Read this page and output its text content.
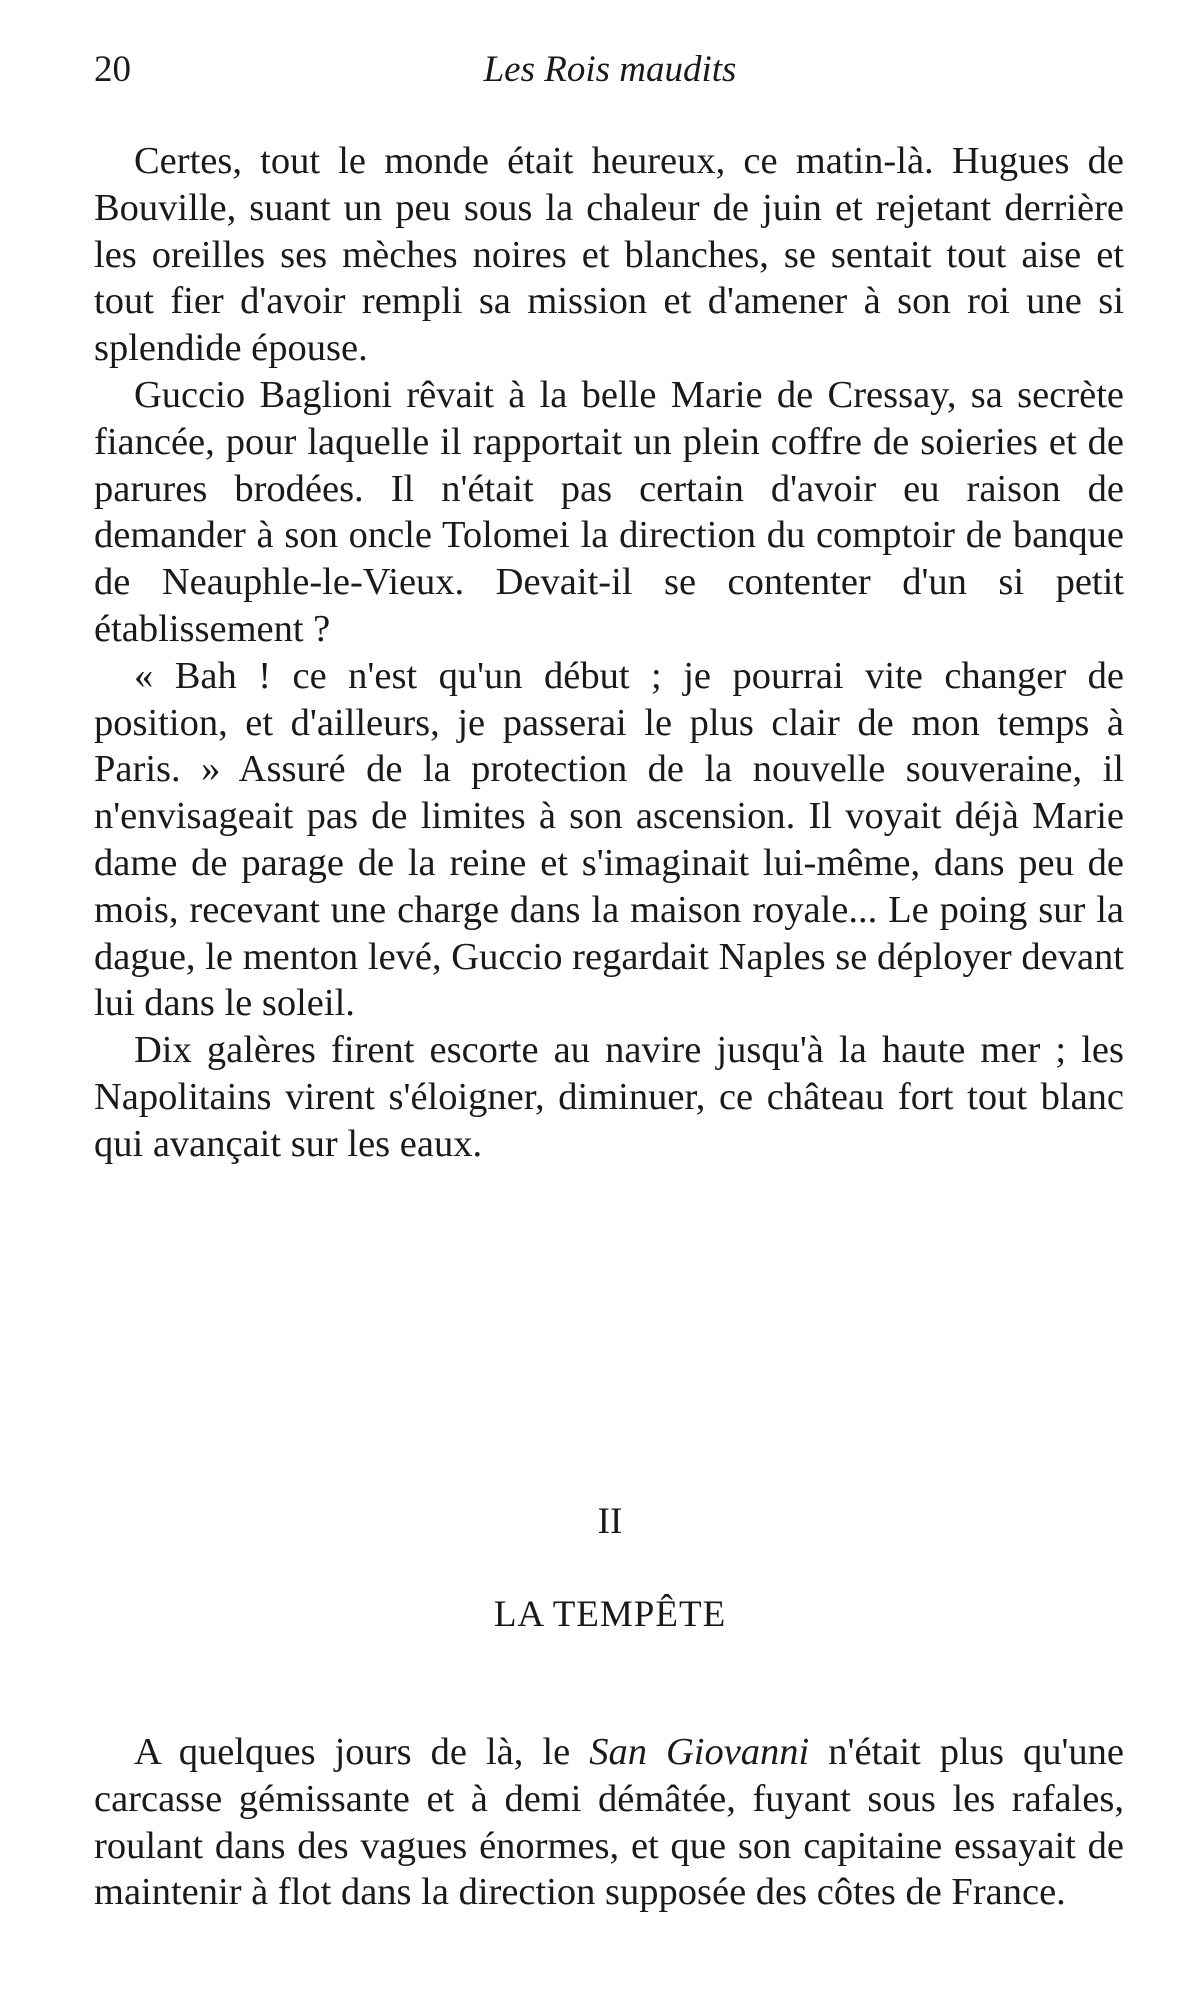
20	Les Rois maudits

Certes, tout le monde était heureux, ce matin-là. Hugues de Bouville, suant un peu sous la chaleur de juin et rejetant derrière les oreilles ses mèches noires et blanches, se sentait tout aise et tout fier d'avoir rempli sa mission et d'amener à son roi une si splendide épouse.

Guccio Baglioni rêvait à la belle Marie de Cressay, sa secrète fiancée, pour laquelle il rapportait un plein coffre de soieries et de parures brodées. Il n'était pas certain d'avoir eu raison de demander à son oncle Tolomei la direction du comptoir de banque de Neauphle-le-Vieux. Devait-il se contenter d'un si petit établissement ?

« Bah ! ce n'est qu'un début ; je pourrai vite changer de position, et d'ailleurs, je passerai le plus clair de mon temps à Paris. » Assuré de la protection de la nouvelle souveraine, il n'envisageait pas de limites à son ascension. Il voyait déjà Marie dame de parage de la reine et s'imaginait lui-même, dans peu de mois, recevant une charge dans la maison royale... Le poing sur la dague, le menton levé, Guccio regardait Naples se déployer devant lui dans le soleil.

Dix galères firent escorte au navire jusqu'à la haute mer ; les Napolitains virent s'éloigner, diminuer, ce château fort tout blanc qui avançait sur les eaux.

II
LA TEMPÊTE

A quelques jours de là, le San Giovanni n'était plus qu'une carcasse gémissante et à demi démâtée, fuyant sous les rafales, roulant dans des vagues énormes, et que son capitaine essayait de maintenir à flot dans la direction supposée des côtes de France.
